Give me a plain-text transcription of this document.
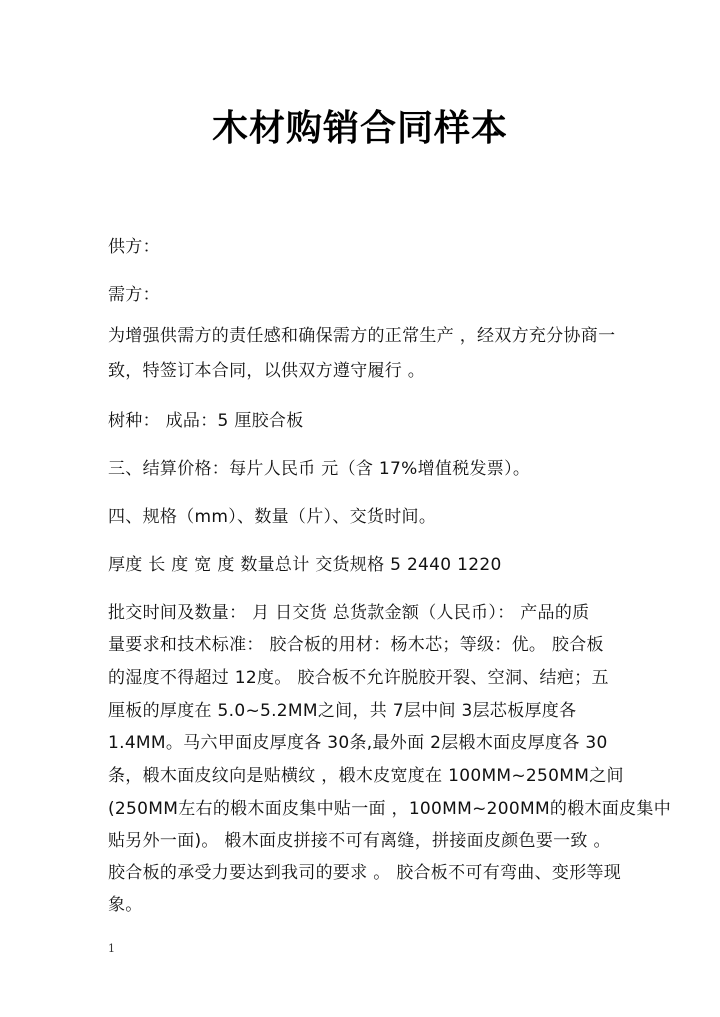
木材购销合同样本
供方：
需方：
为增强供需方的责任感和确保需方的正常生产 ，经双方充分协商一
致，特签订本合同，以供双方遵守履行 。
树种： 成品：5 厘胶合板
三、结算价格：每片人民币 元（含 17%增值税发票）。
四、规格（mm）、数量（片）、交货时间。
厚度 长 度 宽 度 数量总计 交货规格 5 2440 1220
批交时间及数量： 月 日交货 总货款金额（人民币）： 产品的质
量要求和技术标准： 胶合板的用材：杨木芯；等级：优。 胶合板
的湿度不得超过 12度。 胶合板不允许脱胶开裂、空洞、结疤；五
厘板的厚度在 5.0~5.2MM之间，共 7层中间 3层芯板厚度各
1.4MM。马六甲面皮厚度各 30条,最外面 2层椴木面皮厚度各 30
条，椴木面皮纹向是贴横纹 ，椴木皮宽度在 100MM~250MM之间
(250MM左右的椴木面皮集中贴一面 ，100MM~200MM的椴木面皮集中
贴另外一面)。 椴木面皮拼接不可有离缝，拼接面皮颜色要一致 。
胶合板的承受力要达到我司的要求 。 胶合板不可有弯曲、变形等现
象。
1
